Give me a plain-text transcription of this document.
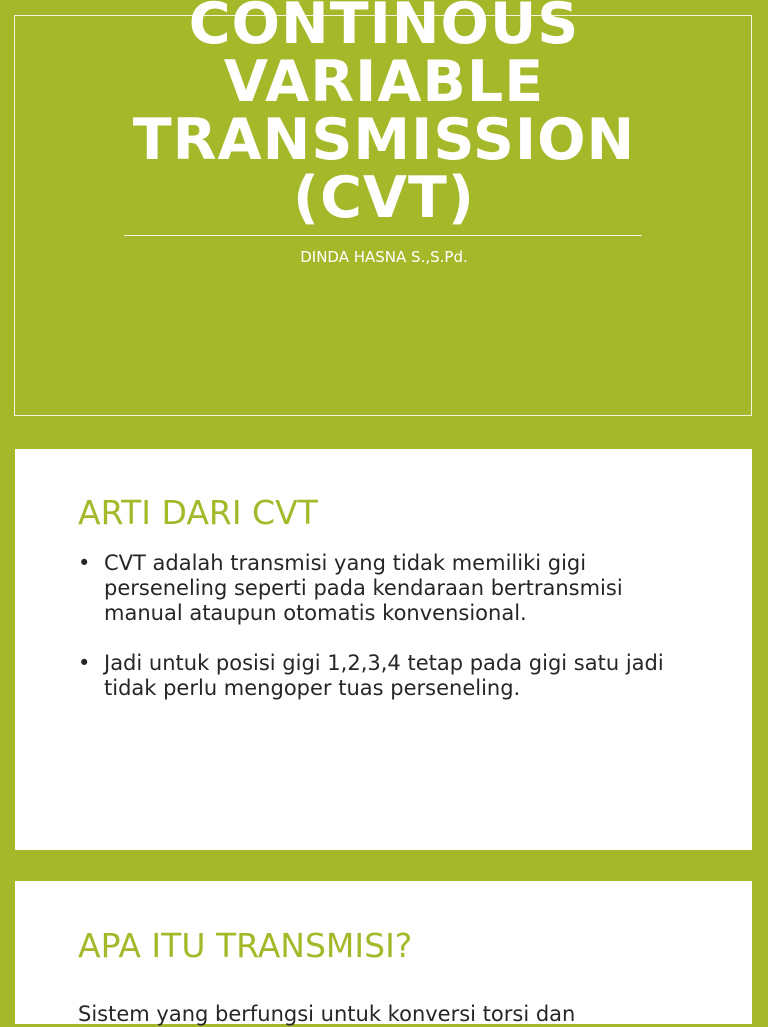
CONTINOUS VARIABLE TRANSMISSION (CVT)
DINDA HASNA S.,S.Pd.
ARTI DARI CVT
• CVT adalah transmisi yang tidak memiliki gigi perseneling seperti pada kendaraan bertransmisi manual ataupun otomatis konvensional.
• Jadi untuk posisi gigi 1,2,3,4 tetap pada gigi satu jadi tidak perlu mengoper tuas perseneling.
APA ITU TRANSMISI?

Sistem yang berfungsi untuk konversi torsi dan
